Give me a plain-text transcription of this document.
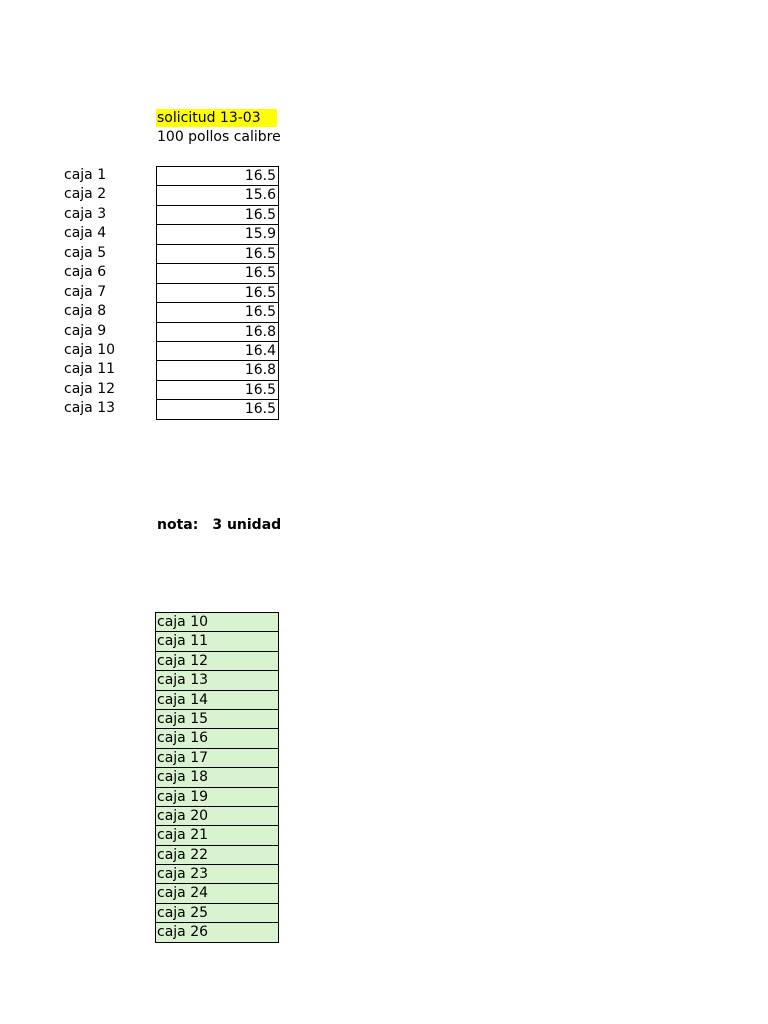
solicitud 13-03
100 pollos calibre
caja 1
caja 2
caja 3
caja 4
caja 5
caja 6
caja 7
caja 8
caja 9
caja 10
caja 11
caja 12
caja 13
16.5
15.6
16.5
15.9
16.5
16.5
16.5
16.5
16.8
16.4
16.8
16.5
16.5
nota: 3 unidad
caja 10
caja 11
caja 12
caja 13
caja 14
caja 15
caja 16
caja 17
caja 18
caja 19
caja 20
caja 21
caja 22
caja 23
caja 24
caja 25
caja 26
